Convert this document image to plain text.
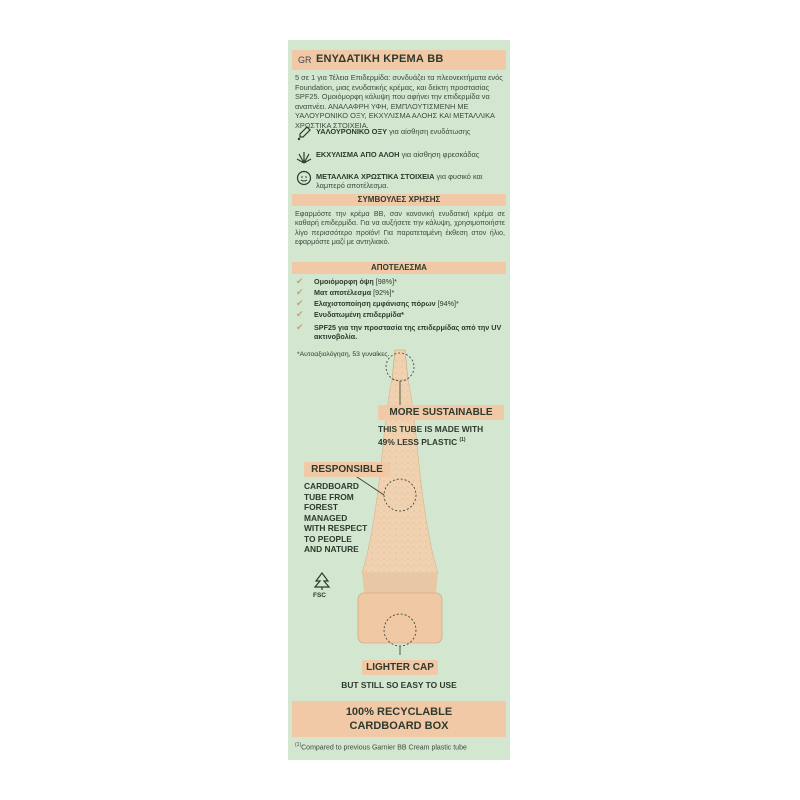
GR ΕΝΥΔΑΤΙΚΗ ΚΡΕΜΑ BB
5 σε 1 για Τέλεια Επιδερμίδα: συνδυάζει τα πλεονεκτήματα ενός Foundation, μιας ενυδατικής κρέμας, και δείκτη προστασίας SPF25. Ομοιόμορφη κάλυψη που αφήνει την επιδερμίδα να αναπνέει. ΑΝΑΛΑΦΡΗ ΥΦΗ, ΕΜΠΛΟΥΤΙΣΜΕΝΗ ΜΕ ΥΑΛΟΥΡΟΝΙΚΟ ΟΞΥ, ΕΚΧΥΛΙΣΜΑ ΑΛΟΗΣ ΚΑΙ ΜΕΤΑΛΛΙΚΑ ΧΡΩΣΤΙΚΑ ΣΤΟΙΧΕΙΑ.
ΥΑΛΟΥΡΟΝΙΚΟ ΟΞΥ για αίσθηση ενυδάτωσης
ΕΚΧΥΛΙΣΜΑ ΑΠΟ ΑΛΟΗ για αίσθηση φρεσκάδας
ΜΕΤΑΛΛΙΚΑ ΧΡΩΣΤΙΚΑ ΣΤΟΙΧΕΙΑ για φυσικό και λαμπερό αποτέλεσμα.
ΣΥΜΒΟΥΛΕΣ ΧΡΗΣΗΣ
Εφαρμόστε την κρέμα BB, σαν κανονική ενυδατική κρέμα σε καθαρή επιδερμίδα. Για να αυξήσετε την κάλυψη, χρησιμοποιήστε λίγο περισσότερο προϊόν! Για παρατεταμένη έκθεση στον ήλιο, εφαρμόστε μαζί με αντηλιακό.
ΑΠΟΤΕΛΕΣΜΑ
✔ Ομοιόμορφη όψη [98%]*
✔ Ματ αποτέλεσμα [92%]*
✔ Ελαχιστοποίηση εμφάνισης πόρων [94%]*
✔ Ενυδατωμένη επιδερμίδα*
✔ SPF25 για την προστασία της επιδερμίδας από την UV ακτινοβολία.
*Αυτοαξιολόγηση, 53 γυναίκες.
MORE SUSTAINABLE
THIS TUBE IS MADE WITH
49% LESS PLASTIC $^{(1)}$
RESPONSIBLE
CARDBOARD
TUBE FROM
FOREST
MANAGED
WITH RESPECT
TO PEOPLE
AND NATURE
FSC
LIGHTER CAP
BUT STILL SO EASY TO USE
100% RECYCLABLE
CARDBOARD BOX
$^{(1)}$Compared to previous Garnier BB Cream plastic tube
